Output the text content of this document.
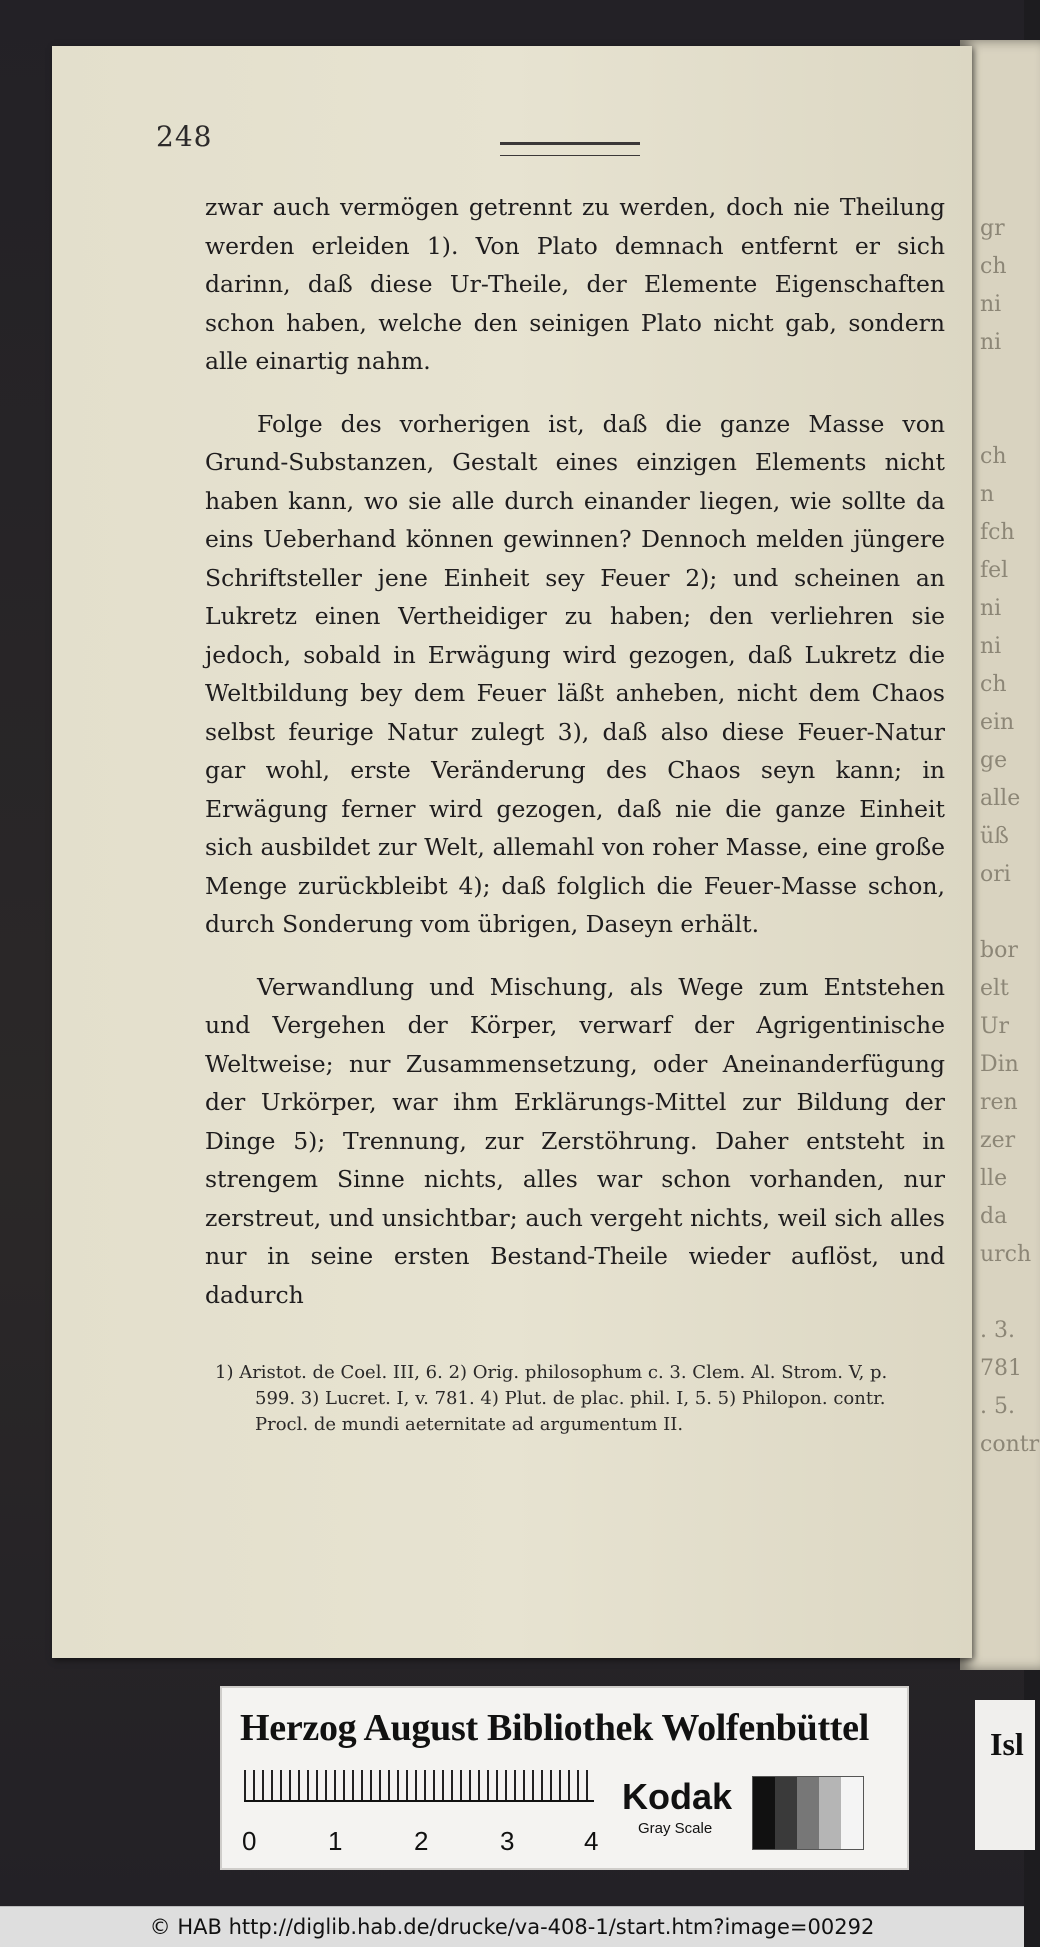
gr
ch
ni
ni

ch
n
fch
fel
ni
ni
ch
ein
ge
alle
üß
ori

bor
elt
Ur
Din
ren
zer
lle
da
urch

. 3.
781
. 5.
contr
248

zwar auch vermögen getrennt zu werden, doch nie Theilung werden erleiden 1). Von Plato demnach entfernt er sich darinn, daß diese Ur-Theile, der Elemente Eigenschaften schon haben, welche den seinigen Plato nicht gab, sondern alle einartig nahm.

Folge des vorherigen ist, daß die ganze Masse von Grund-Substanzen, Gestalt eines einzigen Elements nicht haben kann, wo sie alle durch einander liegen, wie sollte da eins Ueberhand können gewinnen? Dennoch melden jüngere Schriftsteller jene Einheit sey Feuer 2); und scheinen an Lukretz einen Vertheidiger zu haben; den verliehren sie jedoch, sobald in Erwägung wird gezogen, daß Lukretz die Weltbildung bey dem Feuer läßt anheben, nicht dem Chaos selbst feurige Natur zulegt 3), daß also diese Feuer-Natur gar wohl, erste Veränderung des Chaos seyn kann; in Erwägung ferner wird gezogen, daß nie die ganze Einheit sich ausbildet zur Welt, allemahl von roher Masse, eine große Menge zurückbleibt 4); daß folglich die Feuer-Masse schon, durch Sonderung vom übrigen, Daseyn erhält.

Verwandlung und Mischung, als Wege zum Entstehen und Vergehen der Körper, verwarf der Agrigentinische Weltweise; nur Zusammensetzung, oder Aneinanderfügung der Urkörper, war ihm Erklärungs-Mittel zur Bildung der Dinge 5); Trennung, zur Zerstöhrung. Daher entsteht in strengem Sinne nichts, alles war schon vorhanden, nur zerstreut, und unsichtbar; auch vergeht nichts, weil sich alles nur in seine ersten Bestand-Theile wieder auflöst, und dadurch

1) Aristot. de Coel. III, 6. 2) Orig. philosophum c. 3. Clem. Al. Strom. V, p. 599. 3) Lucret. I, v. 781. 4) Plut. de plac. phil. I, 5. 5) Philopon. contr. Procl. de mundi aeternitate ad argumentum II.

Herzog August Bibliothek Wolfenbüttel
0	1	2	3	4
Kodak
Gray Scale
Isl
© HAB http://diglib.hab.de/drucke/va-408-1/start.htm?image=00292
